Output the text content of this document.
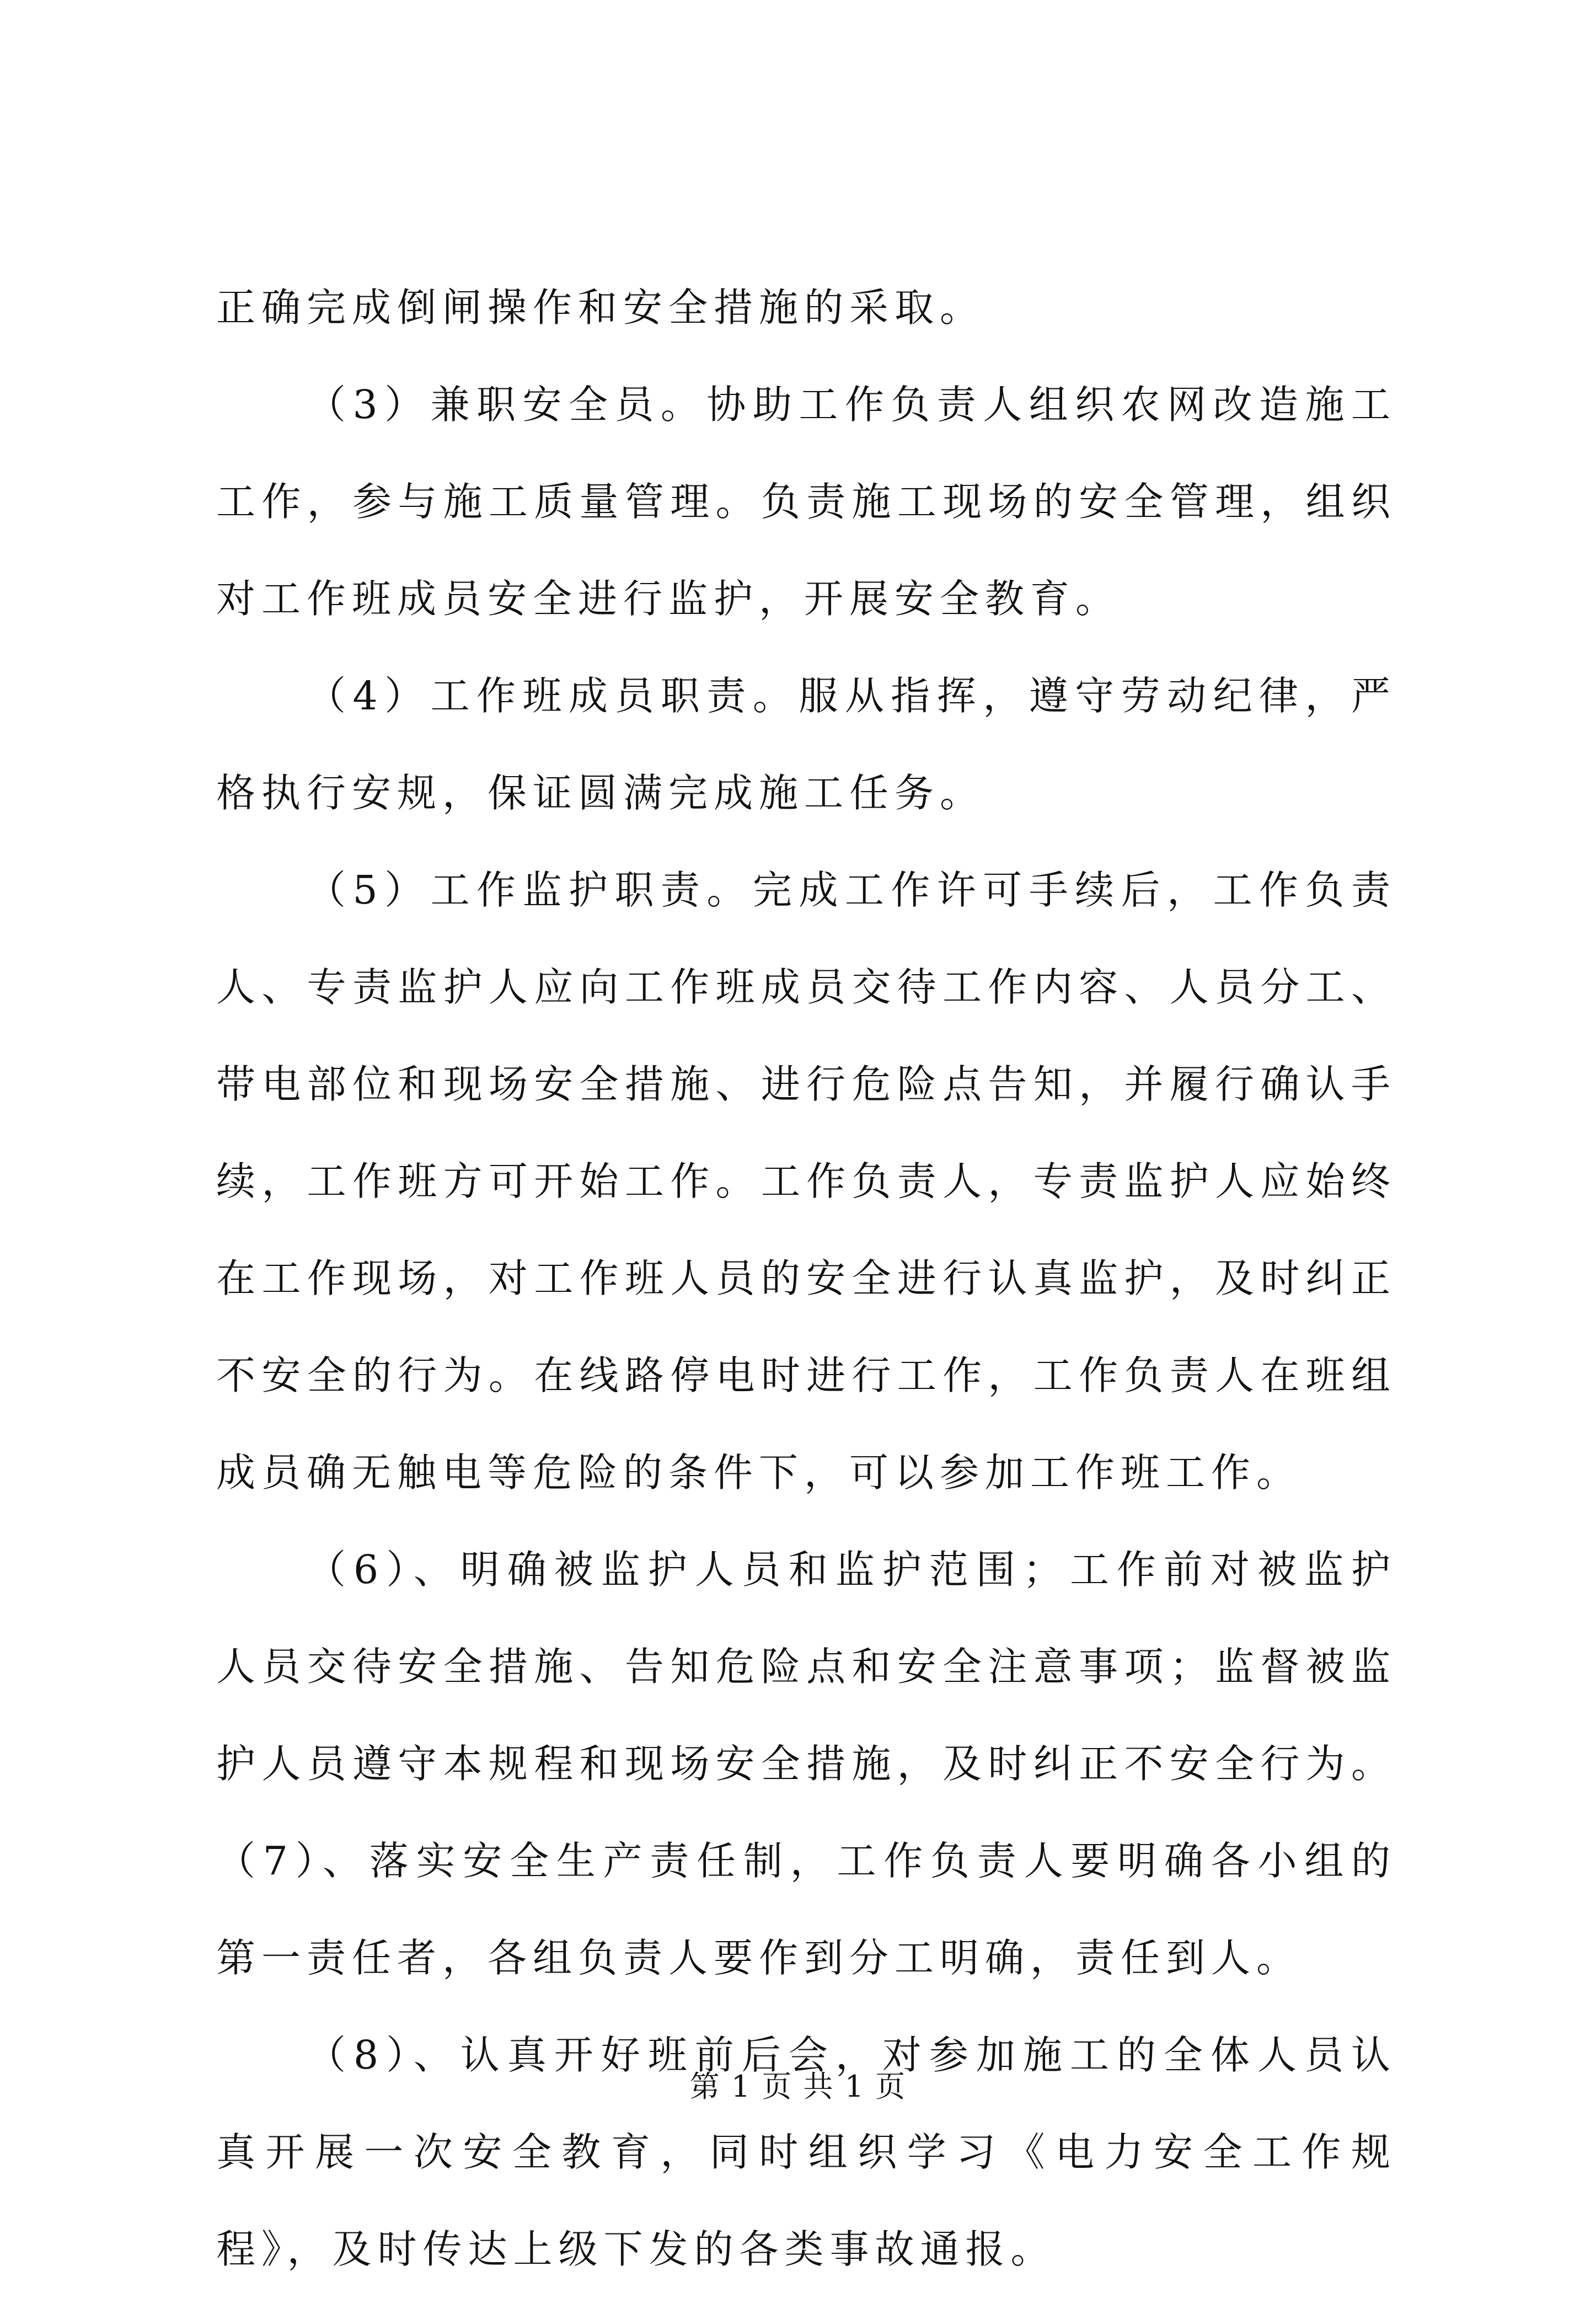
正确完成倒闸操作和安全措施的采取。

（3）兼职安全员。协助工作负责人组织农网改造施工工作，参与施工质量管理。负责施工现场的安全管理，组织对工作班成员安全进行监护，开展安全教育。

（4）工作班成员职责。服从指挥，遵守劳动纪律，严格执行安规，保证圆满完成施工任务。

（5）工作监护职责。完成工作许可手续后，工作负责人、专责监护人应向工作班成员交待工作内容、人员分工、带电部位和现场安全措施、进行危险点告知，并履行确认手续，工作班方可开始工作。工作负责人，专责监护人应始终在工作现场，对工作班人员的安全进行认真监护，及时纠正不安全的行为。在线路停电时进行工作，工作负责人在班组成员确无触电等危险的条件下，可以参加工作班工作。

（6）、明确被监护人员和监护范围；工作前对被监护人员交待安全措施、告知危险点和安全注意事项；监督被监护人员遵守本规程和现场安全措施，及时纠正不安全行为。（7）、落实安全生产责任制，工作负责人要明确各小组的第一责任者，各组负责人要作到分工明确，责任到人。

（8）、认真开好班前后会，对参加施工的全体人员认真开展一次安全教育，同时组织学习《电力安全工作规程》，及时传达上级下发的各类事故通报。

第 1 页 共 1 页
